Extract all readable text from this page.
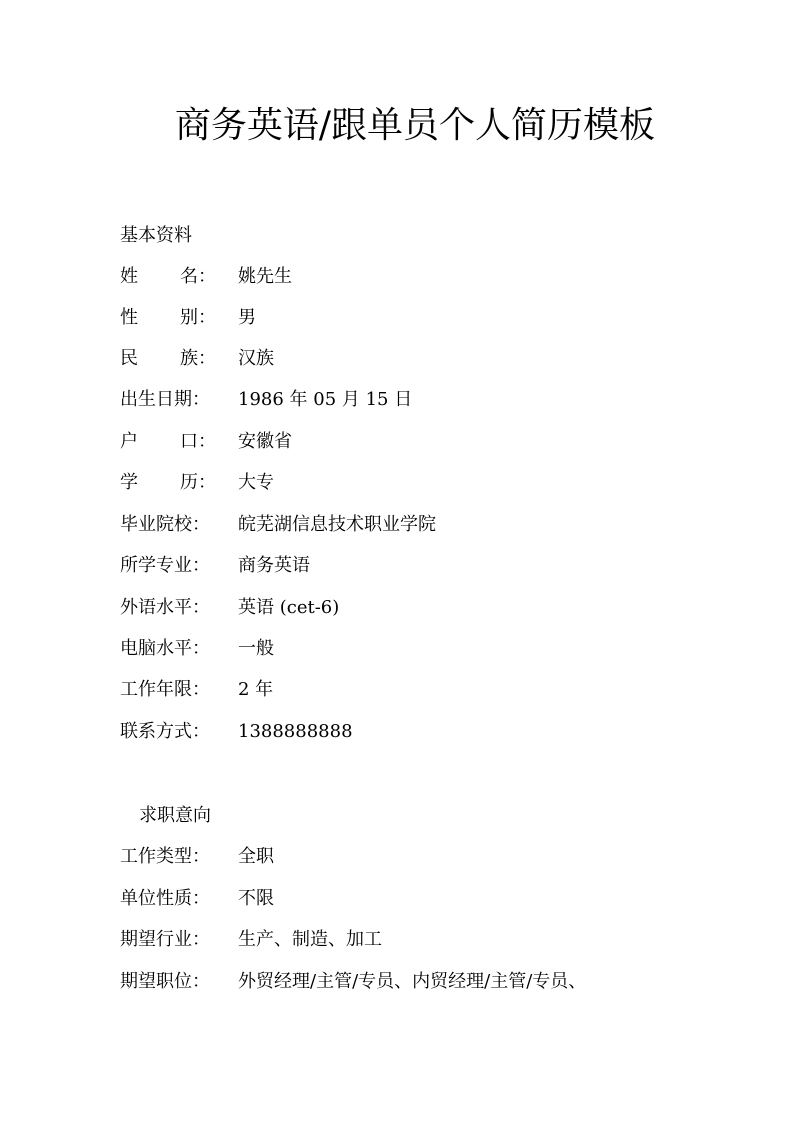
商务英语/跟单员个人简历模板

基本资料

姓 名： 姚先生
性 别： 男
民 族： 汉族
出生日期：	1986 年 05 月 15 日
户 口： 安徽省
学 历： 大专
毕业院校：	皖芜湖信息技术职业学院
所学专业：	商务英语
外语水平：	英语 (cet-6)
电脑水平：	一般
工作年限：	2 年
联系方式：	1388888888

求职意向

工作类型：	全职
单位性质：	不限
期望行业：	生产、制造、加工
期望职位：	外贸经理/主管/专员、内贸经理/主管/专员、
